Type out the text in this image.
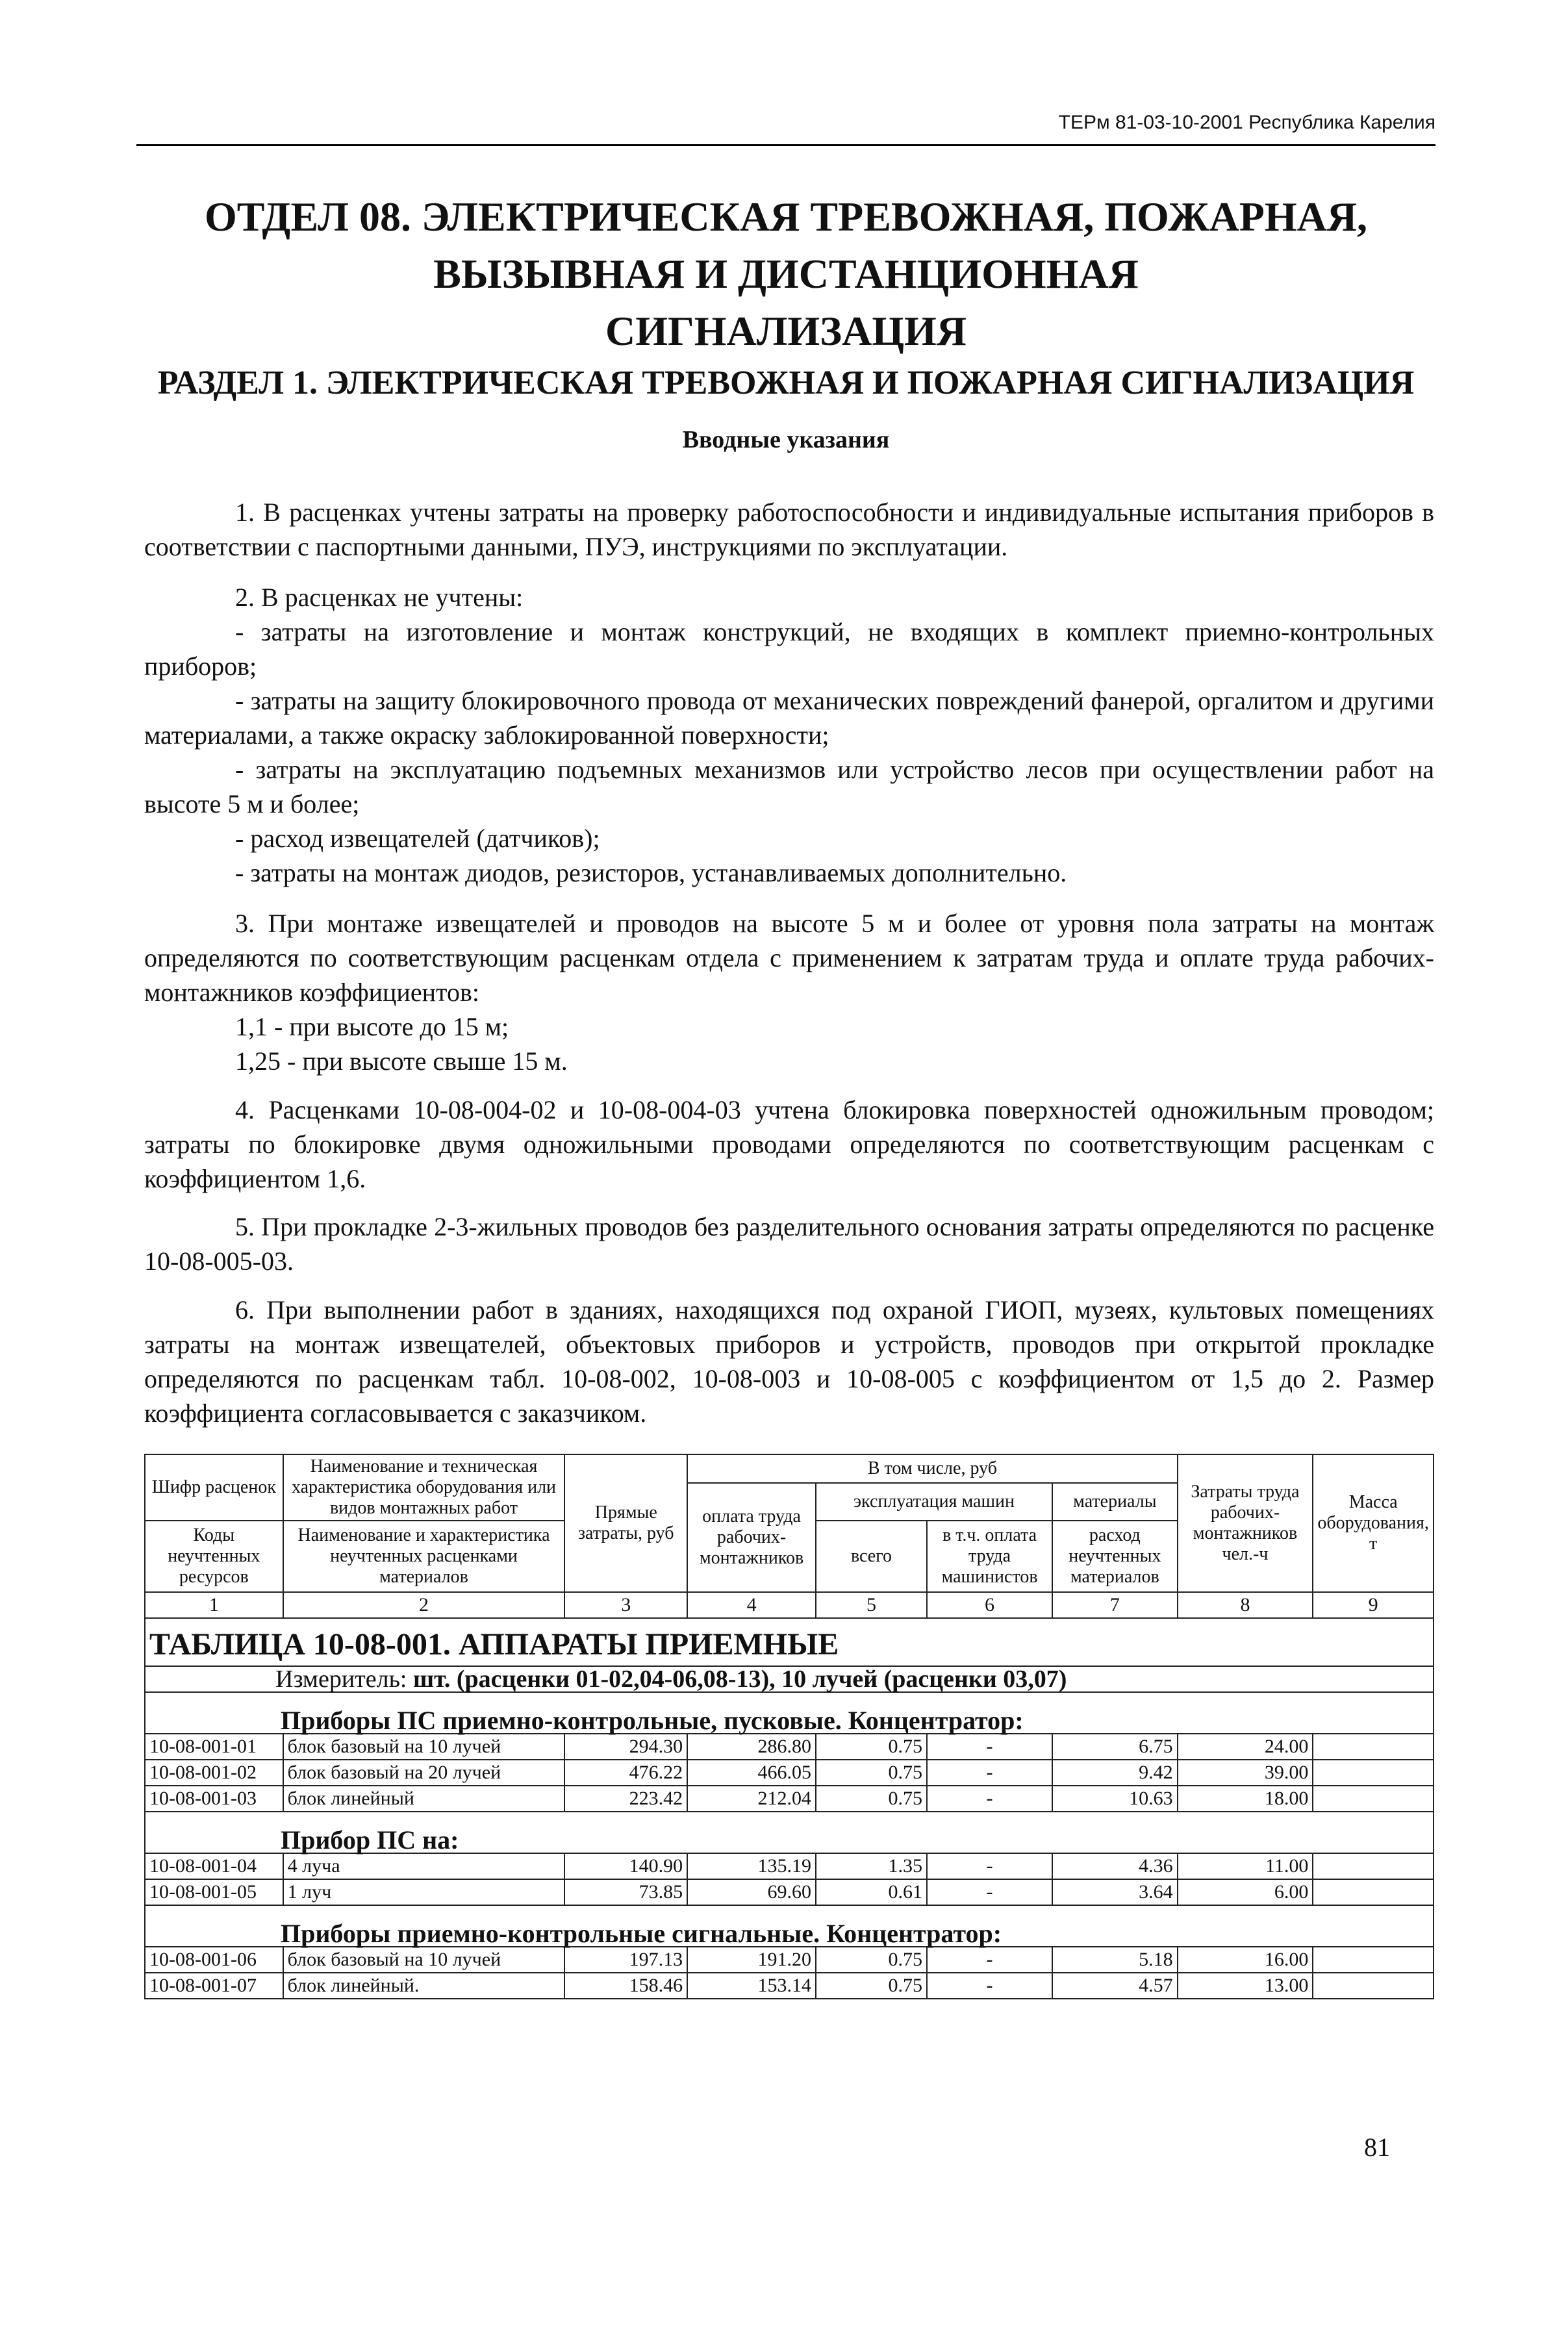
ТЕРм 81-03-10-2001 Республика Карелия
ОТДЕЛ 08. ЭЛЕКТРИЧЕСКАЯ ТРЕВОЖНАЯ, ПОЖАРНАЯ,
ВЫЗЫВНАЯ И ДИСТАНЦИОННАЯ
СИГНАЛИЗАЦИЯ
РАЗДЕЛ 1. ЭЛЕКТРИЧЕСКАЯ ТРЕВОЖНАЯ И ПОЖАРНАЯ СИГНАЛИЗАЦИЯ
Вводные указания
1. В расценках учтены затраты на проверку работоспособности и индивидуальные испытания приборов в соответствии с паспортными данными, ПУЭ, инструкциями по эксплуатации.
2. В расценках не учтены:
- затраты на изготовление и монтаж конструкций, не входящих в комплект приемно-контрольных приборов;
- затраты на защиту блокировочного провода от механических повреждений фанерой, оргалитом и другими материалами, а также окраску заблокированной поверхности;
- затраты на эксплуатацию подъемных механизмов или устройство лесов при осуществлении работ на высоте 5 м и более;
- расход извещателей (датчиков);
- затраты на монтаж диодов, резисторов, устанавливаемых дополнительно.
3. При монтаже извещателей и проводов на высоте 5 м и более от уровня пола затраты на монтаж определяются по соответствующим расценкам отдела с применением к затратам труда и оплате труда рабочих-монтажников коэффициентов:
1,1 - при высоте до 15 м;
1,25 - при высоте свыше 15 м.
4. Расценками 10-08-004-02 и 10-08-004-03 учтена блокировка поверхностей одножильным проводом; затраты по блокировке двумя одножильными проводами определяются по соответствующим расценкам с коэффициентом 1,6.
5. При прокладке 2-3-жильных проводов без разделительного основания затраты определяются по расценке 10-08-005-03.
6. При выполнении работ в зданиях, находящихся под охраной ГИОП, музеях, культовых помещениях затраты на монтаж извещателей, объектовых приборов и устройств, проводов при открытой прокладке определяются по расценкам табл. 10-08-002, 10-08-003 и 10-08-005 с коэффициентом от 1,5 до 2. Размер коэффициента согласовывается с заказчиком.
Шифр расценок	Наименование и техническая характеристика оборудования или видов монтажных работ	Прямые затраты, руб	В том числе, руб				Затраты труда рабочих-монтажников чел.-ч	Масса оборудования, т
			оплата труда рабочих-монтажников	эксплуатация машин		материалы		
Коды неучтенных ресурсов	Наименование и характеристика неучтенных расценками материалов			всего	в т.ч. оплата труда машинистов	расход неучтенных материалов		

1	2	3	4	5	6	7	8	9
ТАБЛИЦА 10-08-001. АППАРАТЫ ПРИЕМНЫЕ								
Измеритель: шт. (расценки 01-02,04-06,08-13), 10 лучей (расценки 03,07)								
Приборы ПС приемно-контрольные, пусковые. Концентратор:								
10-08-001-01	блок базовый на 10 лучей	294.30	286.80	0.75	-	6.75	24.00	
10-08-001-02	блок базовый на 20 лучей	476.22	466.05	0.75	-	9.42	39.00	
10-08-001-03	блок линейный	223.42	212.04	0.75	-	10.63	18.00	
Прибор ПС на:								
10-08-001-04	4 луча	140.90	135.19	1.35	-	4.36	11.00	
10-08-001-05	1 луч	73.85	69.60	0.61	-	3.64	6.00	
Приборы приемно-контрольные сигнальные. Концентратор:								
10-08-001-06	блок базовый на 10 лучей	197.13	191.20	0.75	-	5.18	16.00	
10-08-001-07	блок линейный.	158.46	153.14	0.75	-	4.57	13.00	
81
